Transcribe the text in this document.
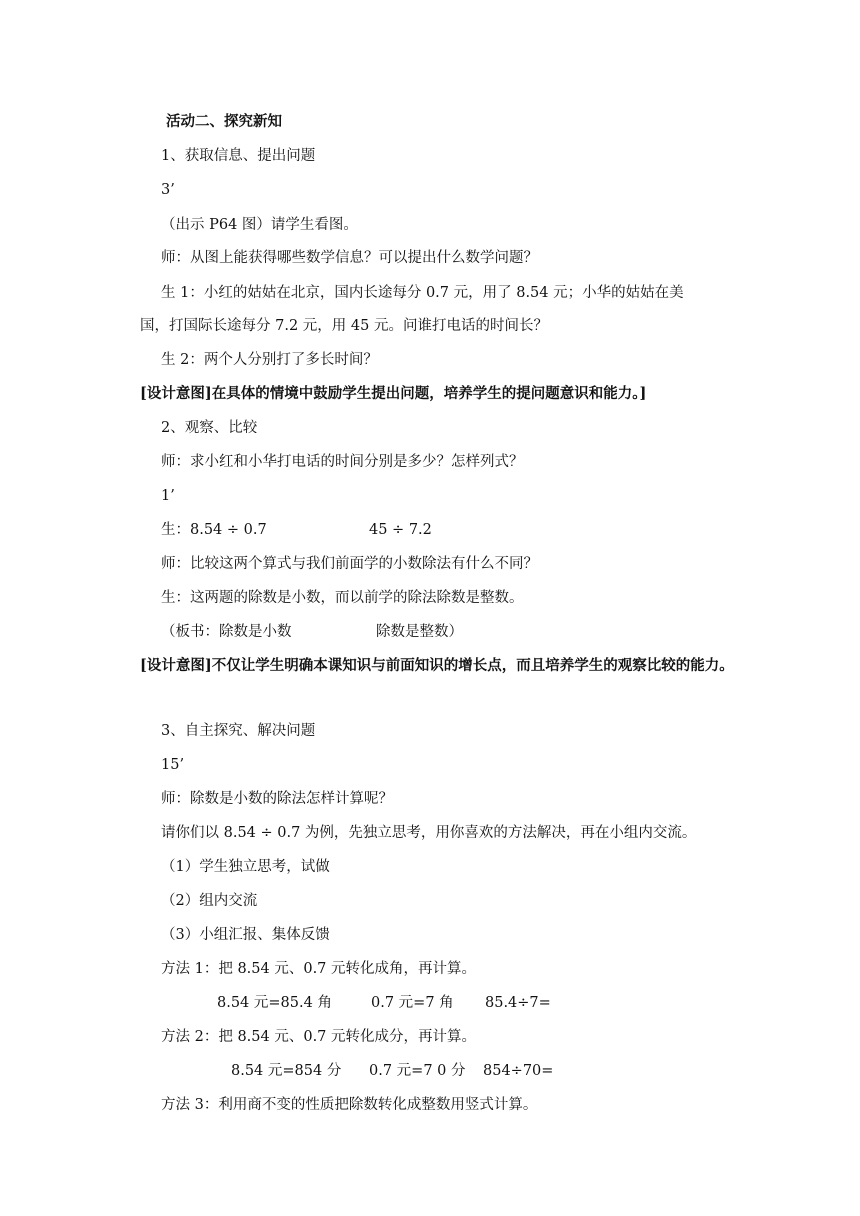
活动二、探究新知
1、获取信息、提出问题
3’
（出示 P64 图）请学生看图。
师：从图上能获得哪些数学信息？可以提出什么数学问题？
生 1：小红的姑姑在北京，国内长途每分 0.7 元，用了 8.54 元；小华的姑姑在美
国，打国际长途每分 7.2 元，用 45 元。问谁打电话的时间长？
生 2：两个人分别打了多长时间？
[设计意图]在具体的情境中鼓励学生提出问题，培养学生的提问题意识和能力。]
2、观察、比较
师：求小红和小华打电话的时间分别是多少？怎样列式？
1’
生： 8.54 ÷ 0.7	45 ÷ 7.2
师：比较这两个算式与我们前面学的小数除法有什么不同？
生：这两题的除数是小数，而以前学的除法除数是整数。
（板书：除数是小数	除数是整数）
[设计意图]不仅让学生明确本课知识与前面知识的增长点，而且培养学生的观察比较的能力。
3、自主探究、解决问题
15’
师：除数是小数的除法怎样计算呢？
请你们以 8.54 ÷ 0.7 为例，先独立思考，用你喜欢的方法解决，再在小组内交流。
（1）学生独立思考，试做
（2）组内交流
（3）小组汇报、集体反馈
方法 1：把 8.54 元、0.7 元转化成角，再计算。
8.54 元=85.4 角	0.7 元=7 角 85.4÷7=
方法 2：把 8.54 元、0.7 元转化成分，再计算。
8.54 元=854 分 0.7 元=7 0 分 854÷70=
方法 3：利用商不变的性质把除数转化成整数用竖式计算。
